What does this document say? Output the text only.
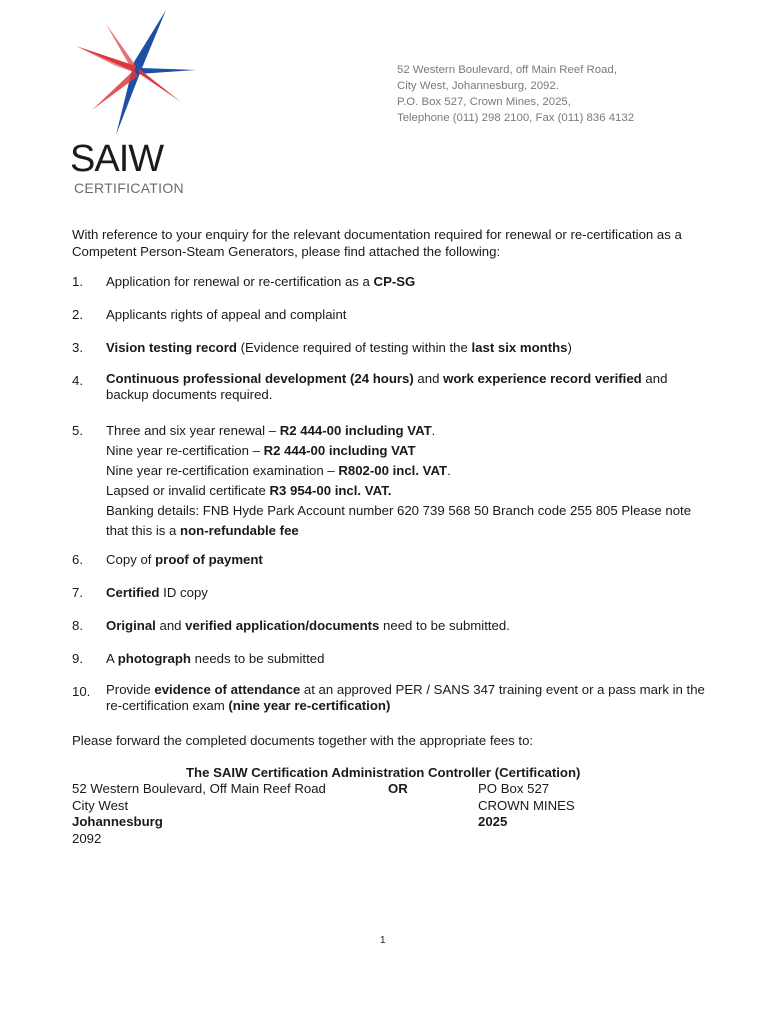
SAIW
CERTIFICATION
52 Western Boulevard, off Main Reef Road,
City West, Johannesburg, 2092.
P.O. Box 527, Crown Mines, 2025,
Telephone (011) 298 2100, Fax (011) 836 4132
With reference to your enquiry for the relevant documentation required for renewal or re-certification as a Competent Person-Steam Generators, please find attached the following:
1. Application for renewal or re-certification as a CP-SG
2. Applicants rights of appeal and complaint
3. Vision testing record (Evidence required of testing within the last six months)
4. Continuous professional development (24 hours) and work experience record verified and backup documents required.
5. Three and six year renewal – R2 444-00 including VAT.
Nine year re-certification – R2 444-00 including VAT
Nine year re-certification examination – R802-00 incl. VAT.
Lapsed or invalid certificate R3 954-00 incl. VAT.
Banking details: FNB Hyde Park Account number 620 739 568 50 Branch code 255 805 Please note that this is a non-refundable fee
6. Copy of proof of payment
7. Certified ID copy
8. Original and verified application/documents need to be submitted.
9. A photograph needs to be submitted
10. Provide evidence of attendance at an approved PER / SANS 347 training event or a pass mark in the re-certification exam (nine year re-certification)
Please forward the completed documents together with the appropriate fees to:
The SAIW Certification Administration Controller (Certification)
52 Western Boulevard, Off Main Reef Road
City West
Johannesburg
2092
OR	PO Box 527
CROWN MINES
2025
1
